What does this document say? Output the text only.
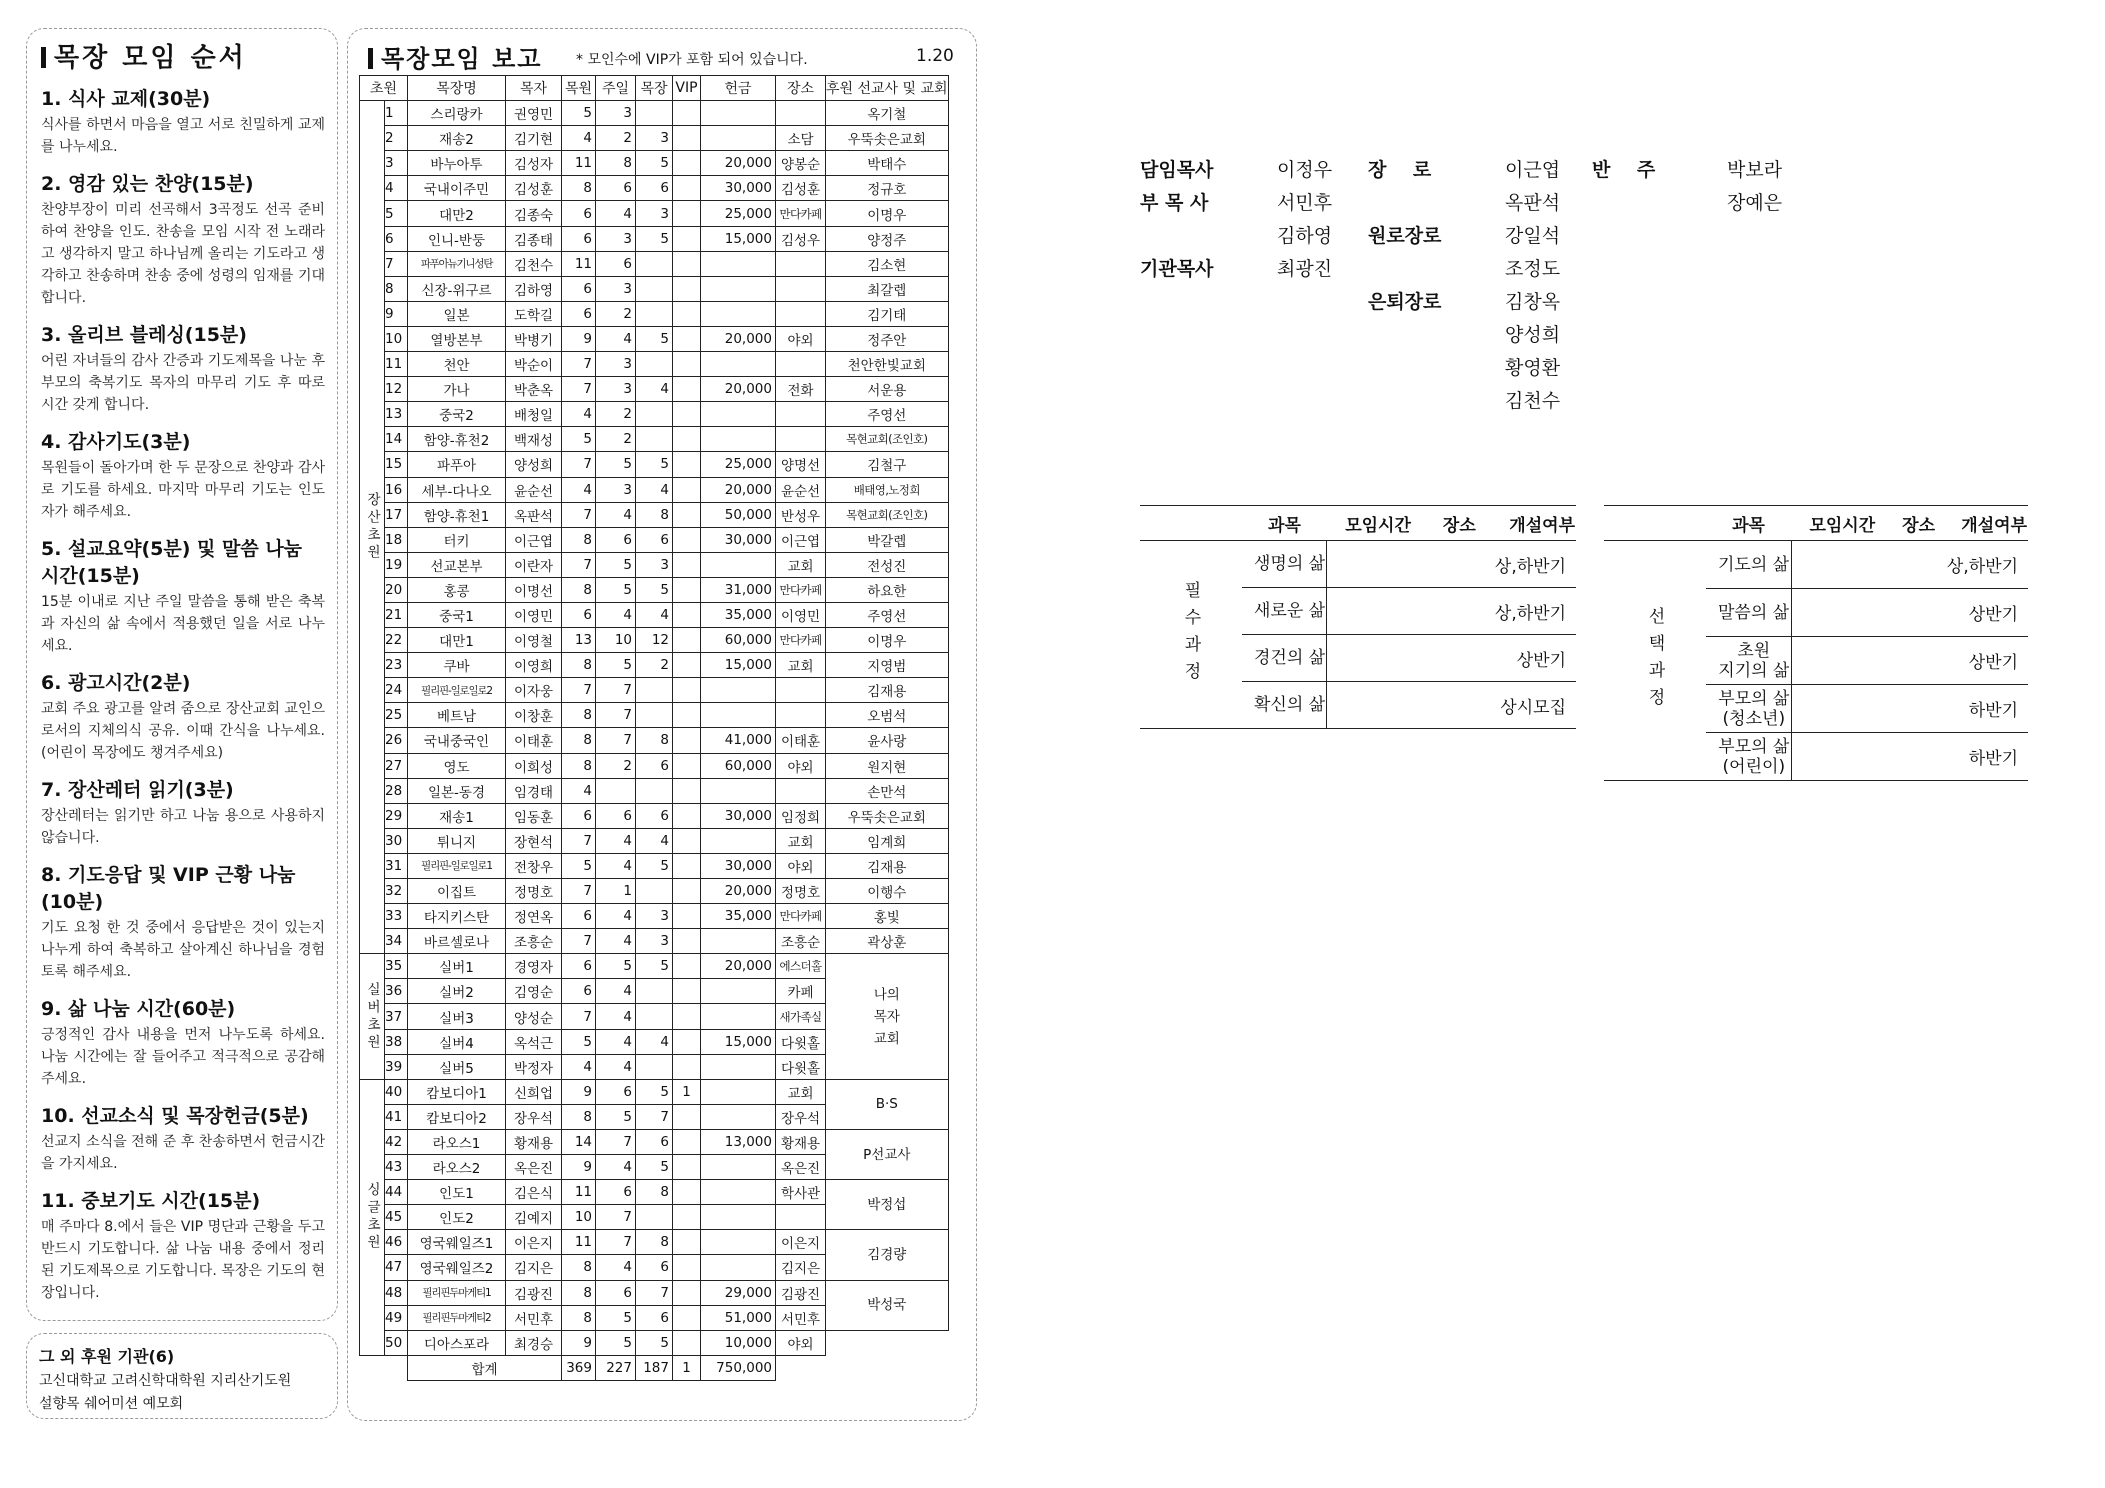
목장 모임 순서
1. 식사 교제(30분)
식사를 하면서 마음을 열고 서로 친밀하게 교제를 나누세요.
2. 영감 있는 찬양(15분)
찬양부장이 미리 선곡해서 3곡정도 선곡 준비하여 찬양을 인도. 찬송을 모임 시작 전 노래라고 생각하지 말고 하나님께 올리는 기도라고 생각하고 찬송하며 찬송 중에 성령의 임재를 기대합니다.
3. 올리브 블레싱(15분)
어린 자녀들의 감사 간증과 기도제목을 나눈 후 부모의 축복기도 목자의 마무리 기도 후 따로 시간 갖게 합니다.
4. 감사기도(3분)
목원들이 돌아가며 한 두 문장으로 찬양과 감사로 기도를 하세요. 마지막 마무리 기도는 인도자가 해주세요.
5. 설교요약(5분) 및 말씀 나눔 시간(15분)
15분 이내로 지난 주일 말씀을 통해 받은 축복과 자신의 삶 속에서 적용했던 일을 서로 나누세요.
6. 광고시간(2분)
교회 주요 광고를 알려 줌으로 장산교회 교인으로서의 지체의식 공유. 이때 간식을 나누세요.(어린이 목장에도 챙겨주세요)
7. 장산레터 읽기(3분)
장산레터는 읽기만 하고 나눔 용으로 사용하지 않습니다.
8. 기도응답 및 VIP 근황 나눔(10분)
기도 요청 한 것 중에서 응답받은 것이 있는지 나누게 하여 축복하고 살아계신 하나님을 경험토록 해주세요.
9. 삶 나눔 시간(60분)
긍정적인 감사 내용을 먼저 나누도록 하세요. 나눔 시간에는 잘 들어주고 적극적으로 공감해 주세요.
10. 선교소식 및 목장헌금(5분)
선교지 소식을 전해 준 후 찬송하면서 헌금시간을 가지세요.
11. 중보기도 시간(15분)
매 주마다 8.에서 들은 VIP 명단과 근황을 두고 반드시 기도합니다. 삶 나눔 내용 중에서 정리된 기도제목으로 기도합니다. 목장은 기도의 현장입니다.
그 외 후원 기관(6)
고신대학교 고려신학대학원 지리산기도원
설향목 쉐어미션 예모회
목장모임 보고 * 모인수에 VIP가 포함 되어 있습니다.	1.20
초원		목장명	목자	목원	주일	목장	VIP	헌금	장소	후원 선교사 및 교회
장산초원	1	스리랑카	권영민	5	3					옥기철
	2	재송2	김기현	4	2	3			소담	우뚝솟은교회
	3	바누아투	김성자	11	8	5		20,000	양봉순	박태수
	4	국내이주민	김성훈	8	6	6		30,000	김성훈	정규호
	5	대만2	김종숙	6	4	3		25,000	만다카페	이명우
	6	인니-반둥	김종태	6	3	5		15,000	김성우	양정주
	7	파푸아뉴기니성탄	김천수	11	6					김소현
	8	신장-위구르	김하영	6	3					최갈렙
	9	일본	도학길	6	2					김기태
	10	열방본부	박병기	9	4	5		20,000	야외	정주안
	11	천안	박순이	7	3					천안한빛교회
	12	가나	박춘옥	7	3	4		20,000	전화	서운용
	13	중국2	배청일	4	2					주영선
	14	함양-휴천2	백재성	5	2					목현교회(조인호)
	15	파푸아	양성희	7	5	5		25,000	양명선	김철구
	16	세부-다나오	윤순선	4	3	4		20,000	윤순선	배태영,노정희
	17	함양-휴천1	옥판석	7	4	8		50,000	반성우	목현교회(조인호)
	18	터키	이근엽	8	6	6		30,000	이근엽	박갈렙
	19	선교본부	이란자	7	5	3			교회	전성진
	20	홍콩	이명선	8	5	5		31,000	만다카페	하요한
	21	중국1	이영민	6	4	4		35,000	이영민	주영선
	22	대만1	이영철	13	10	12		60,000	만다카페	이명우
	23	쿠바	이영희	8	5	2		15,000	교회	지영범
	24	필리핀-일로일로2	이자웅	7	7					김재용
	25	베트남	이창훈	8	7					오범석
	26	국내중국인	이태훈	8	7	8		41,000	이태훈	윤사랑
	27	영도	이희성	8	2	6		60,000	야외	원지현
	28	일본-동경	임경태	4						손만석
	29	재송1	임동훈	6	6	6		30,000	임정희	우뚝솟은교회
	30	튀니지	장현석	7	4	4			교회	임계희
	31	필리핀-일로일로1	전창우	5	4	5		30,000	야외	김재용
	32	이집트	정명호	7	1			20,000	정명호	이행수
	33	타지키스탄	정연옥	6	4	3		35,000	만다카페	홍빛
	34	바르셀로나	조흥순	7	4	3			조흥순	곽상훈
실버초원	35	실버1	경영자	6	5	5		20,000	에스더홀	나의
목자
교회
	36	실버2	김영순	6	4				카페	
	37	실버3	양성순	7	4				새가족실	
	38	실버4	옥석근	5	4	4		15,000	다윗홀	
	39	실버5	박정자	4	4				다윗홀	
싱글초원	40	캄보디아1	신희업	9	6	5	1		교회	B·S
	41	캄보디아2	장우석	8	5	7			장우석	
	42	라오스1	황재용	14	7	6		13,000	황재용	P선교사
	43	라오스2	옥은진	9	4	5			옥은진	
	44	인도1	김은식	11	6	8			학사관	박정섭
	45	인도2	김예지	10	7					
	46	영국웨일즈1	이은지	11	7	8			이은지	김경량
	47	영국웨일즈2	김지은	8	4	6			김지은	
	48	필리핀두마게티1	김광진	8	6	7		29,000	김광진	박성국
	49	필리핀두마게티2	서민후	8	5	6		51,000	서민후	
	50	디아스포라	최경승	9	5	5		10,000	야외	
		합계		369	227	187	1	750,000		
담임목사	이정우
부 목 사	서민후
김하영
기관목사	최광진
장    로	이근엽
옥판석
원로장로	강일석
조정도
은퇴장로	김창옥
양성희
황영환
김천수
반    주	박보라
장예은
	과목	모임시간	장소	개설여부
필수과정	생명의 삶			상,하반기
	새로운 삶			상,하반기
	경건의 삶			상반기
	확신의 삶			상시모집
	과목	모임시간	장소	개설여부
선택과정	기도의 삶			상,하반기
	말씀의 삶			상반기
	초원
지기의 삶			상반기
	부모의 삶
(청소년)			하반기
	부모의 삶
(어린이)			하반기
